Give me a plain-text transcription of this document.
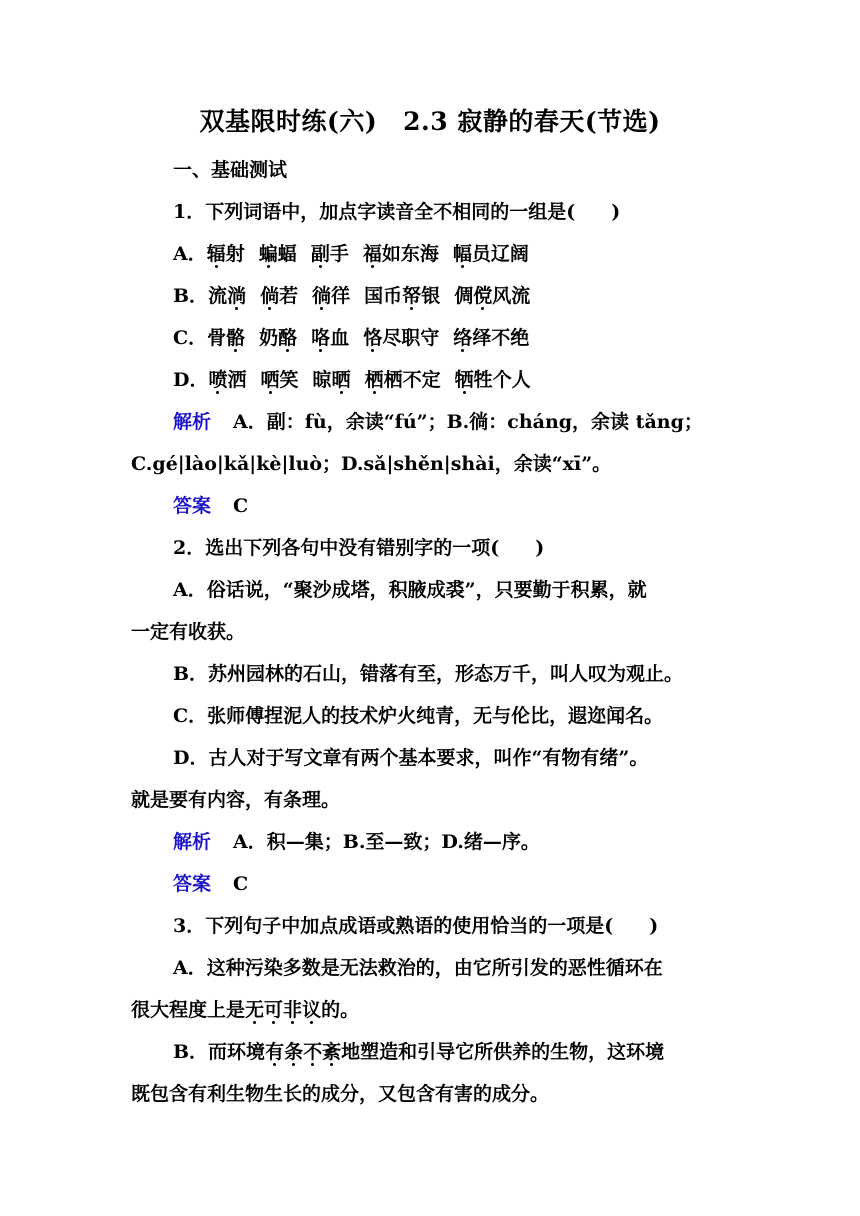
双基限时练(六) 2.3 寂静的春天(节选)
一、基础测试
1．下列词语中，加点字读音全不相同的一组是( )
A．辐射 蝙蝠 副手 福如东海 幅员辽阔
B．流淌 倘若 徜徉 国币帑银 倜傥风流
C．骨骼 奶酪 咯血 恪尽职守 络绎不绝
D．喷洒 哂笑 晾晒 栖栖不定 牺牲个人
解析 A．副：fù，余读“fú”；B.徜：cháng，余读 tǎng；
C.gé|lào|kǎ|kè|luò；D.sǎ|shěn|shài，余读“xī”。
答案 C
2．选出下列各句中没有错别字的一项( )
A．俗话说，“聚沙成塔，积腋成裘”，只要勤于积累，就
一定有收获。
B．苏州园林的石山，错落有至，形态万千，叫人叹为观止。
C．张师傅捏泥人的技术炉火纯青，无与伦比，遐迩闻名。
D．古人对于写文章有两个基本要求，叫作“有物有绪”。
就是要有内容，有条理。
解析 A．积—集；B.至—致；D.绪—序。
答案 C
3．下列句子中加点成语或熟语的使用恰当的一项是( )
A．这种污染多数是无法救治的，由它所引发的恶性循环在
很大程度上是无可非议的。
B．而环境有条不紊地塑造和引导它所供养的生物，这环境
既包含有利生物生长的成分，又包含有害的成分。
